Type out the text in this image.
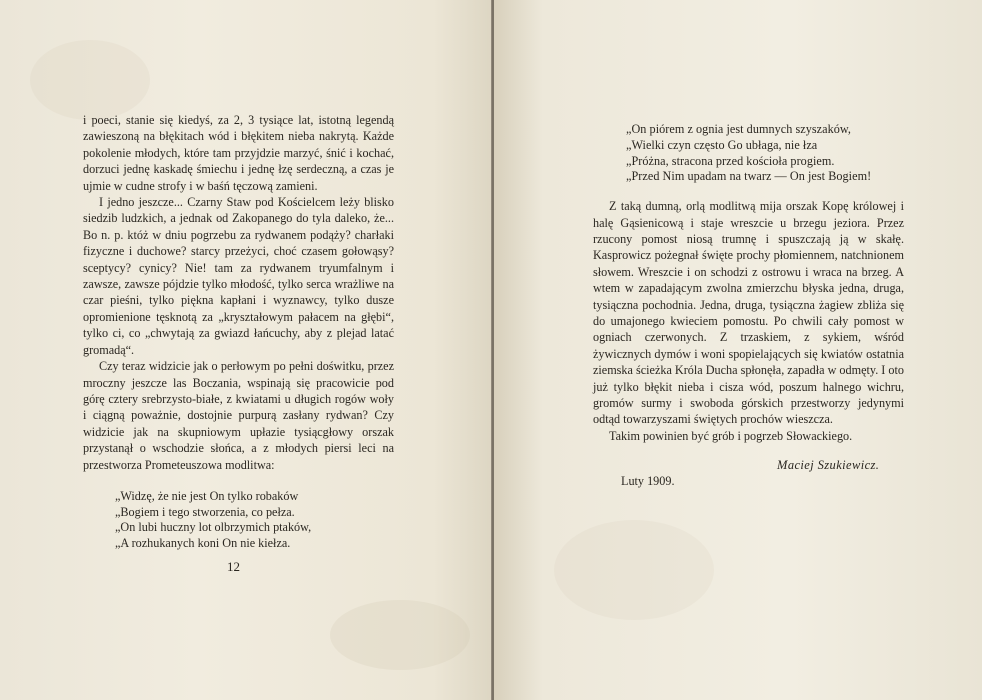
i poeci, stanie się kiedyś, za 2, 3 tysiące lat, istotną legendą zawieszoną na błękitach wód i błękitem nieba nakrytą. Każde pokolenie młodych, które tam przyjdzie marzyć, śnić i kochać, dorzuci jednę kaskadę śmiechu i jednę łzę serdeczną, a czas je ujmie w cudne strofy i w baśń tęczową zamieni.

I jedno jeszcze... Czarny Staw pod Kościelcem leży blisko siedzib ludzkich, a jednak od Zakopanego do tyla daleko, że... Bo n. p. któż w dniu pogrzebu za rydwanem podąży? charłaki fizyczne i duchowe? starcy przeżyci, choć czasem gołowąsy? sceptycy? cynicy? Nie! tam za rydwanem tryumfalnym i zawsze, zawsze pójdzie tylko młodość, tylko serca wrażliwe na czar pieśni, tylko piękna kapłani i wyznawcy, tylko dusze opromienione tęsknotą za „kryształowym pałacem na głębi“, tylko ci, co „chwytają za gwiazd łańcuchy, aby z plejad latać gromadą“.

Czy teraz widzicie jak o perłowym po pełni doświtku, przez mroczny jeszcze las Boczania, wspinają się pracowicie pod górę cztery srebrzysto-białe, z kwiatami u długich rogów woły i ciągną poważnie, dostojnie purpurą zasłany rydwan? Czy widzicie jak na skupniowym upłazie tysiącgłowy orszak przystanął o wschodzie słońca, a z młodych piersi leci na przestworza Prometeuszowa modlitwa:

„Widzę, że nie jest On tylko robaków
„Bogiem i tego stworzenia, co pełza.
„On lubi huczny lot olbrzymich ptaków,
„A rozhukanych koni On nie kiełza.
12
„On piórem z ognia jest dumnych szyszaków,
„Wielki czyn często Go ubłaga, nie łza
„Próżna, stracona przed kościoła progiem.
„Przed Nim upadam na twarz — On jest Bogiem!

Z taką dumną, orlą modlitwą mija orszak Kopę królowej i halę Gąsienicową i staje wreszcie u brzegu jeziora. Przez rzucony pomost niosą trumnę i spuszczają ją w skałę. Kasprowicz pożegnał święte prochy płomiennem, natchnionem słowem. Wreszcie i on schodzi z ostrowu i wraca na brzeg. A wtem w zapadającym zwolna zmierzchu błyska jedna, druga, tysiączna pochodnia. Jedna, druga, tysiączna żagiew zbliża się do umajonego kwieciem pomostu. Po chwili cały pomost w ogniach czerwonych. Z trzaskiem, z sykiem, wśród żywicznych dymów i woni spopielających się kwiatów ostatnia ziemska ścieżka Króla Ducha spłonęła, zapadła w odmęty. I oto już tylko błękit nieba i cisza wód, poszum halnego wichru, gromów surmy i swoboda górskich przestworzy jedynymi odtąd towarzyszami świętych prochów wieszcza.

Takim powinien być grób i pogrzeb Słowackiego.

Maciej Szukiewicz.
Luty 1909.
